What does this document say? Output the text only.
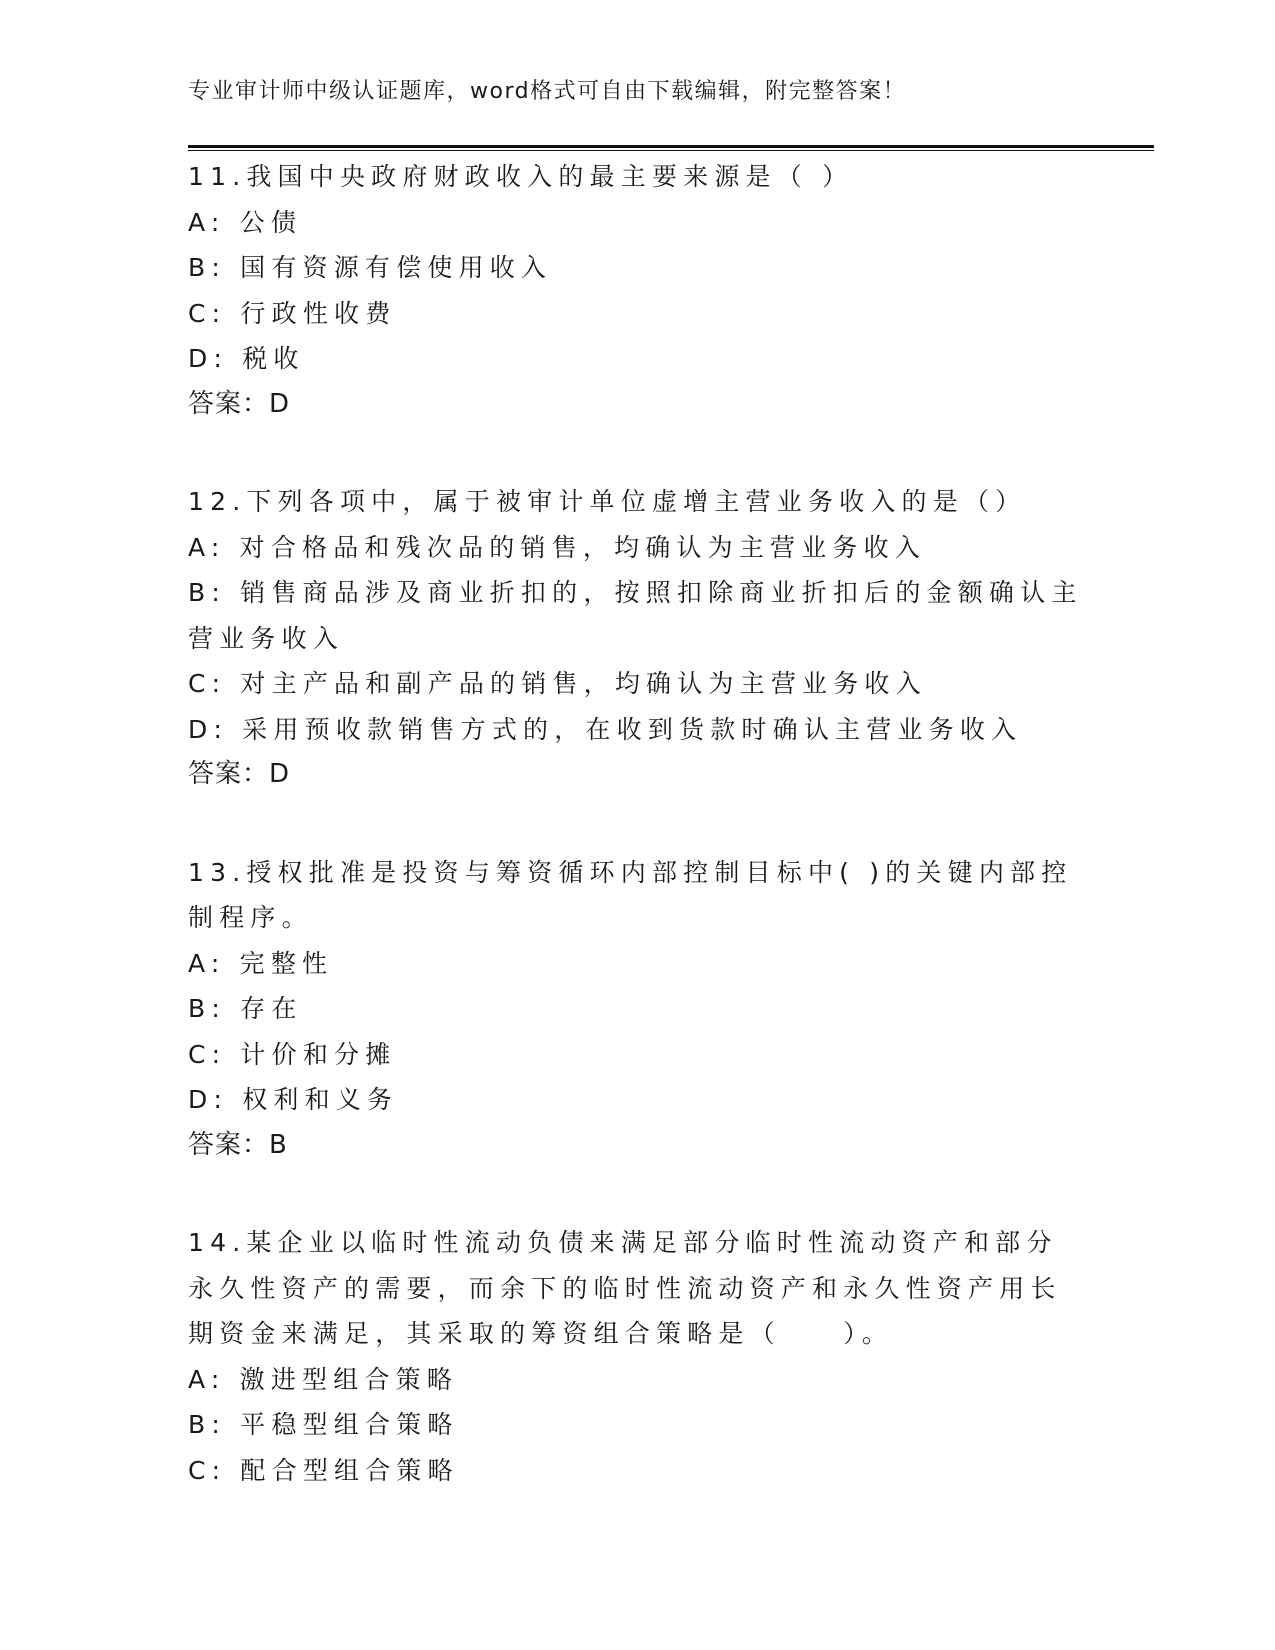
专业审计师中级认证题库，word格式可自由下载编辑，附完整答案！
11.我国中央政府财政收入的最主要来源是（ ）
A: 公债
B: 国有资源有偿使用收入
C: 行政性收费
D: 税收
答案：D
12.下列各项中，属于被审计单位虚增主营业务收入的是（）
A: 对合格品和残次品的销售，均确认为主营业务收入
B: 销售商品涉及商业折扣的，按照扣除商业折扣后的金额确认主营业务收入
C: 对主产品和副产品的销售，均确认为主营业务收入
D: 采用预收款销售方式的，在收到货款时确认主营业务收入
答案：D
13.授权批准是投资与筹资循环内部控制目标中( )的关键内部控制程序。
A: 完整性
B: 存在
C: 计价和分摊
D: 权利和义务
答案：B
14.某企业以临时性流动负债来满足部分临时性流动资产和部分永久性资产的需要，而余下的临时性流动资产和永久性资产用长期资金来满足，其采取的筹资组合策略是（　　）。
A: 激进型组合策略
B: 平稳型组合策略
C: 配合型组合策略
